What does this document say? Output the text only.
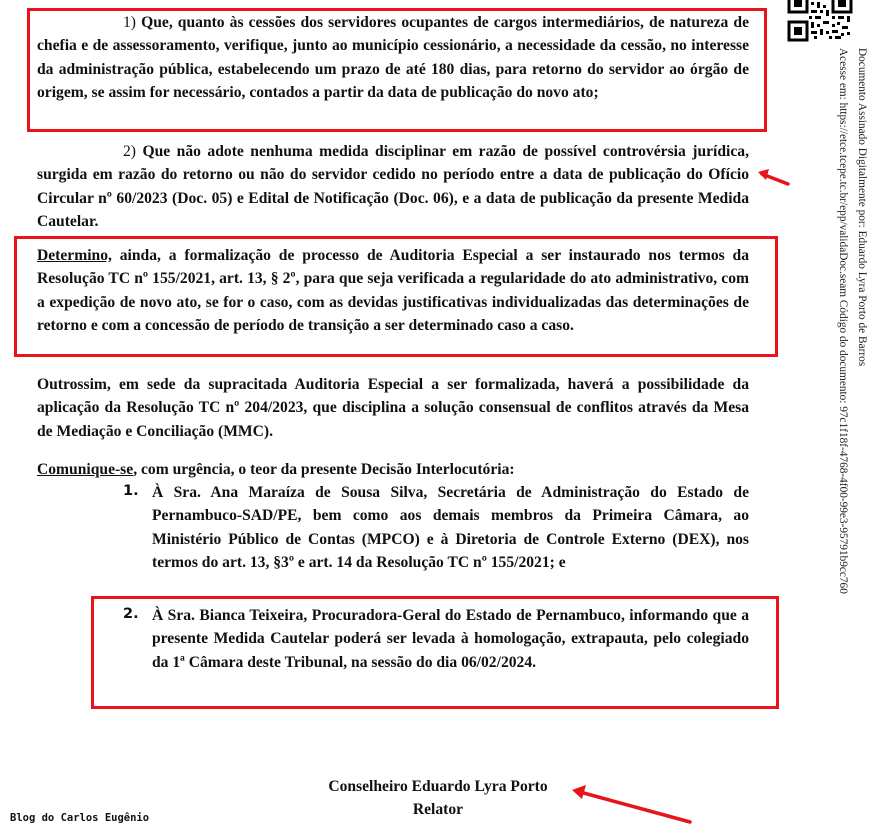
Documento Assinado Digitalmente por: Eduardo Lyra Porto de Barros
Acesse em: https://etce.tcepe.tc.br/epp/validaDoc.seam Código do documento: 97c1f18f-4768-4f00-99e3-95791b9cc760
1) Que, quanto às cessões dos servidores ocupantes de cargos intermediários, de natureza de chefia e de assessoramento, verifique, junto ao município cessionário, a necessidade da cessão, no interesse da administração pública, estabelecendo um prazo de até 180 dias, para retorno do servidor ao órgão de origem, se assim for necessário, contados a partir da data de publicação do novo ato;
2) Que não adote nenhuma medida disciplinar em razão de possível controvérsia jurídica, surgida em razão do retorno ou não do servidor cedido no período entre a data de publicação do Ofício Circular nº 60/2023 (Doc. 05) e Edital de Notificação (Doc. 06), e a data de publicação da presente Medida Cautelar.
Determino, ainda, a formalização de processo de Auditoria Especial a ser instaurado nos termos da Resolução TC nº 155/2021, art. 13, § 2º, para que seja verificada a regularidade do ato administrativo, com a expedição de novo ato, se for o caso, com as devidas justificativas individualizadas das determinações de retorno e com a concessão de período de transição a ser determinado caso a caso.
Outrossim, em sede da supracitada Auditoria Especial a ser formalizada, haverá a possibilidade da aplicação da Resolução TC nº 204/2023, que disciplina a solução consensual de conflitos através da Mesa de Mediação e Conciliação (MMC).
Comunique-se, com urgência, o teor da presente Decisão Interlocutória:
1. À Sra. Ana Maraíza de Sousa Silva, Secretária de Administração do Estado de Pernambuco-SAD/PE, bem como aos demais membros da Primeira Câmara, ao Ministério Público de Contas (MPCO) e à Diretoria de Controle Externo (DEX), nos termos do art. 13, §3º e art. 14 da Resolução TC nº 155/2021; e
2. À Sra. Bianca Teixeira, Procuradora-Geral do Estado de Pernambuco, informando que a presente Medida Cautelar poderá ser levada à homologação, extrapauta, pelo colegiado da 1ª Câmara deste Tribunal, na sessão do dia 06/02/2024.
Conselheiro Eduardo Lyra Porto
Relator
Blog do Carlos Eugênio
